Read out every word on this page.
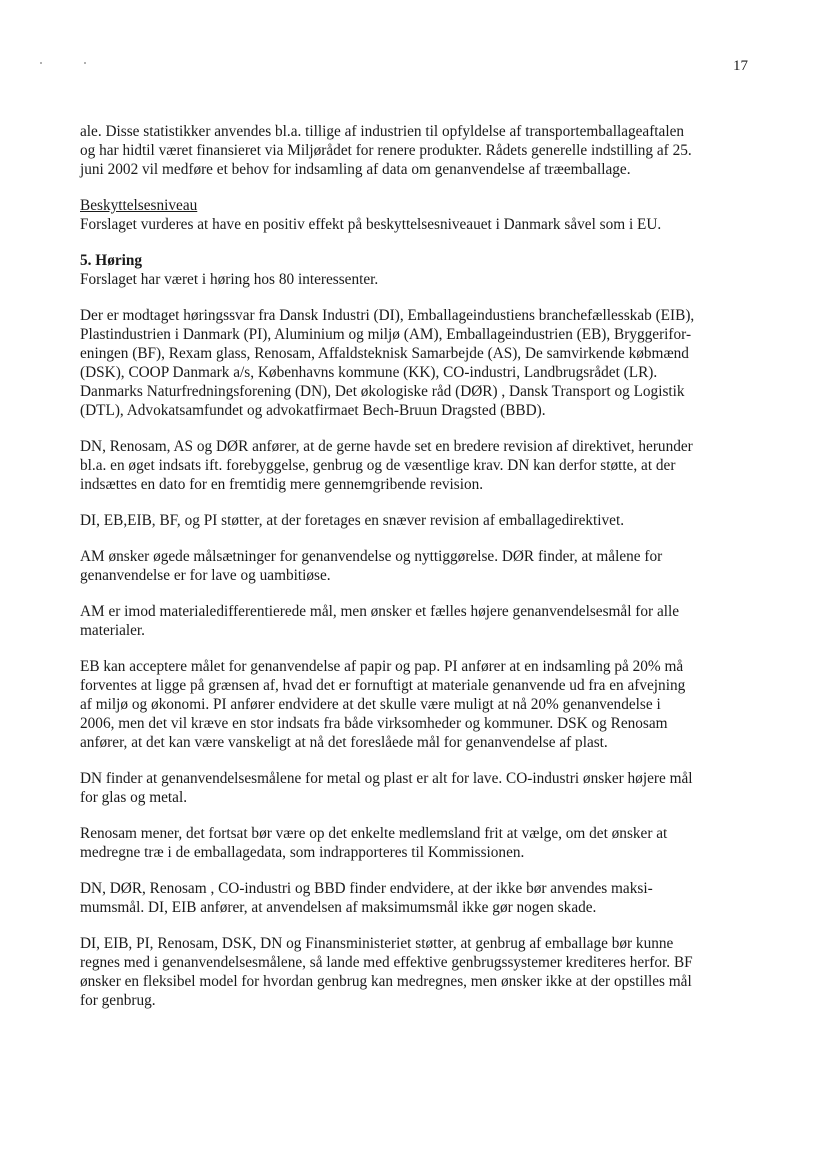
17

ale. Disse statistikker anvendes bl.a. tillige af industrien til opfyldelse af transportemballageaftalen
og har hidtil været finansieret via Miljørådet for renere produkter. Rådets generelle indstilling af 25.
juni 2002 vil medføre et behov for indsamling af data om genanvendelse af træemballage.

Beskyttelsesniveau

Forslaget vurderes at have en positiv effekt på beskyttelsesniveauet i Danmark såvel som i EU.

5. Høring

Forslaget har været i høring hos 80 interessenter.

Der er modtaget høringssvar fra Dansk Industri (DI), Emballageindustiens branchefællesskab (EIB),
Plastindustrien i Danmark (PI), Aluminium og miljø (AM), Emballageindustrien (EB), Bryggerifor-
eningen (BF), Rexam glass, Renosam, Affaldsteknisk Samarbejde (AS), De samvirkende købmænd
(DSK), COOP Danmark a/s, Københavns kommune (KK), CO-industri, Landbrugsrådet (LR).
Danmarks Naturfredningsforening (DN), Det økologiske råd (DØR) , Dansk Transport og Logistik
(DTL), Advokatsamfundet og advokatfirmaet Bech-Bruun Dragsted (BBD).

DN, Renosam, AS og DØR anfører, at de gerne havde set en bredere revision af direktivet, herunder
bl.a. en øget indsats ift. forebyggelse, genbrug og de væsentlige krav. DN kan derfor støtte, at der
indsættes en dato for en fremtidig mere gennemgribende revision.

DI, EB,EIB, BF, og PI støtter, at der foretages en snæver revision af emballagedirektivet.

AM ønsker øgede målsætninger for genanvendelse og nyttiggørelse. DØR finder, at målene for
genanvendelse er for lave og uambitiøse.

AM er imod materialedifferentierede mål, men ønsker et fælles højere genanvendelsesmål for alle
materialer.

EB kan acceptere målet for genanvendelse af papir og pap. PI anfører at en indsamling på 20% må
forventes at ligge på grænsen af, hvad det er fornuftigt at materiale genanvende ud fra en afvejning
af miljø og økonomi. PI anfører endvidere at det skulle være muligt at nå 20% genanvendelse i
2006, men det vil kræve en stor indsats fra både virksomheder og kommuner. DSK og Renosam
anfører, at det kan være vanskeligt at nå det foreslåede mål for genanvendelse af plast.

DN finder at genanvendelsesmålene for metal og plast er alt for lave. CO-industri ønsker højere mål
for glas og metal.

Renosam mener, det fortsat bør være op det enkelte medlemsland frit at vælge, om det ønsker at
medregne træ i de emballagedata, som indrapporteres til Kommissionen.

DN, DØR, Renosam , CO-industri og BBD finder endvidere, at der ikke bør anvendes maksi-
mumsmål. DI, EIB anfører, at anvendelsen af maksimumsmål ikke gør nogen skade.

DI, EIB, PI, Renosam, DSK, DN og Finansministeriet støtter, at genbrug af emballage bør kunne
regnes med i genanvendelsesmålene, så lande med effektive genbrugssystemer krediteres herfor. BF
ønsker en fleksibel model for hvordan genbrug kan medregnes, men ønsker ikke at der opstilles mål
for genbrug.
